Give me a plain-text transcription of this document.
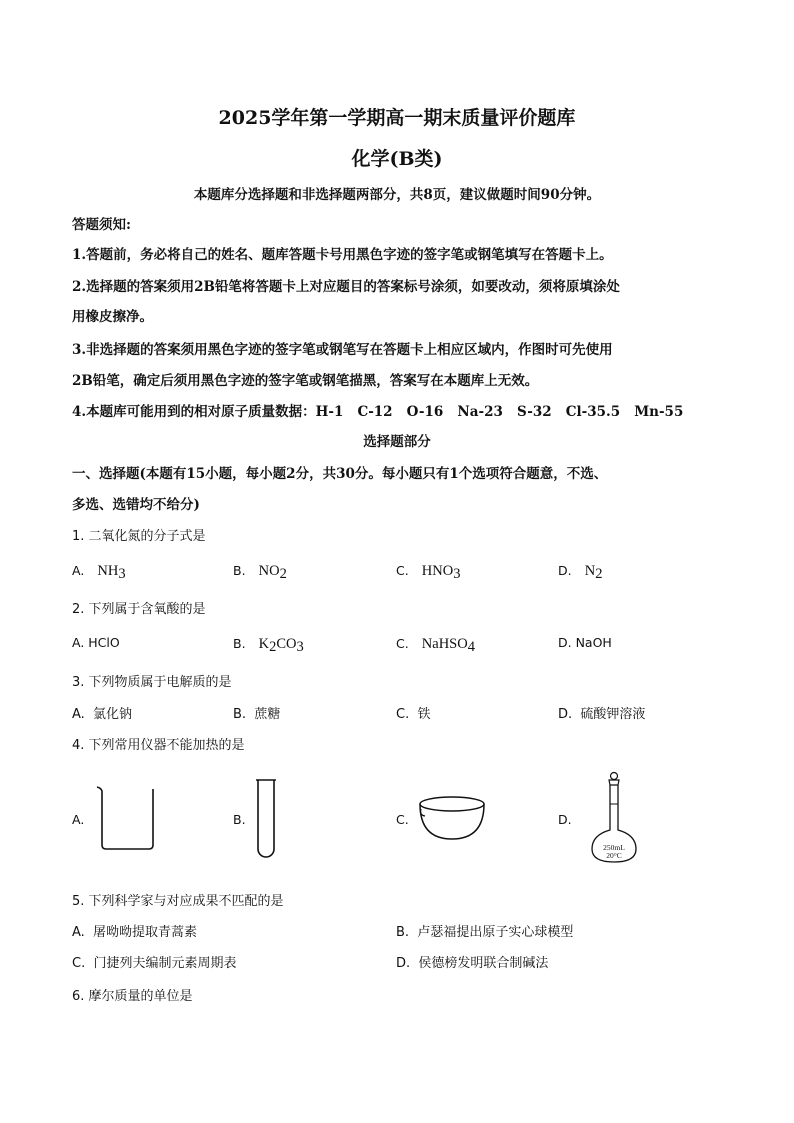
2025学年第一学期高一期末质量评价题库
化学(B类)
本题库分选择题和非选择题两部分，共8页，建议做题时间90分钟。
答题须知:
1.答题前，务必将自己的姓名、题库答题卡号用黑色字迹的签字笔或钢笔填写在答题卡上。
2.选择题的答案须用2B铅笔将答题卡上对应题目的答案标号涂须，如要改动，须将原填涂处
用橡皮擦净。
3.非选择题的答案须用黑色字迹的签字笔或钢笔写在答题卡上相应区域内，作图时可先使用
2B铅笔，确定后须用黑色字迹的签字笔或钢笔描黑，答案写在本题库上无效。
4.本题库可能用到的相对原子质量数据：H-1   C-12   O-16   Na-23   S-32   Cl-35.5   Mn-55
选择题部分
一、选择题(本题有15小题，每小题2分，共30分。每小题只有1个选项符合题意，不选、
多选、选错均不给分)
1. 二氧化氮的分子式是
A. $NH_3$	B. $NO_2$	C. $HNO_3$	D. $N_2$
2. 下列属于含氧酸的是
A. HClO	B. $K_2CO_3$	C. NaHSO$_4$	D. NaOH
3. 下列物质属于电解质的是
A.  氯化钠	B.  蔗糖	C.  铁	D.  硫酸钾溶液
4. 下列常用仪器不能加热的是
A.	B.	C.	D.
250mL
20°C
5. 下列科学家与对应成果不匹配的是
A.  屠呦呦提取青蒿素	B.  卢瑟福提出原子实心球模型
C.  门捷列夫编制元素周期表	D.  侯德榜发明联合制碱法
6. 摩尔质量的单位是
